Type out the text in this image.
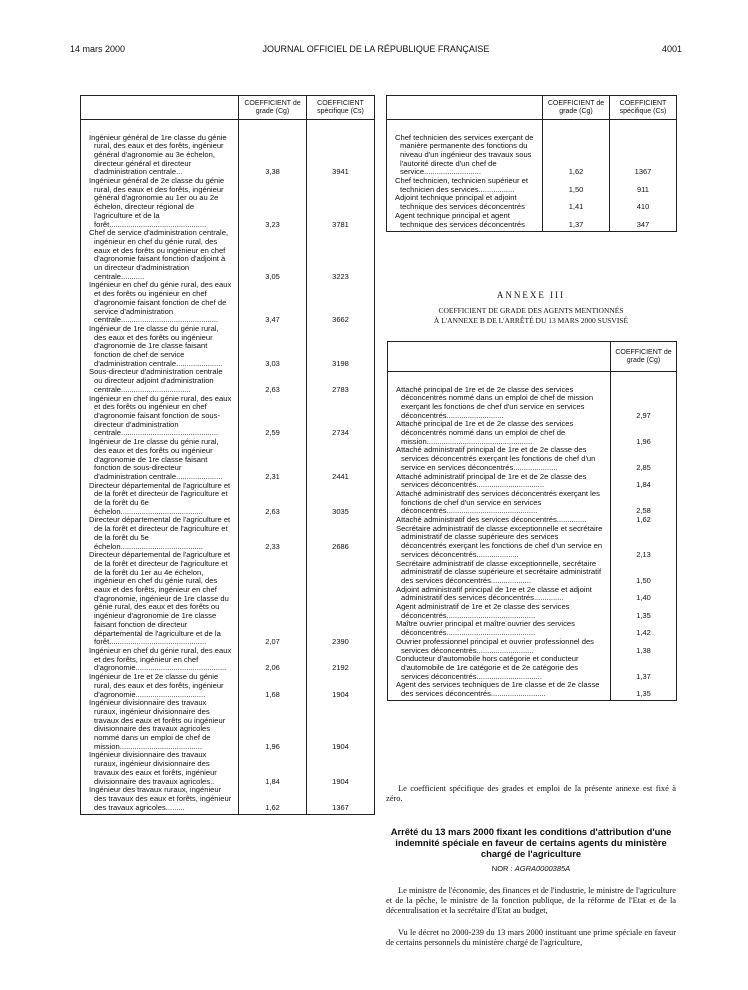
14 mars 2000	JOURNAL OFFICIEL DE LA RÉPUBLIQUE FRANÇAISE	4001
	COEFFICIENT de grade (Cg)	COEFFICIENT spécifique (Cs)

Ingénieur général de 1re classe du génie rural, des eaux et des forêts, ingénieur général d'agronomie au 3e échelon, directeur général et directeur d'administration centrale...	3,38	3941

Ingénieur général de 2e classe du génie rural, des eaux et des forêts, ingénieur général d'agronomie au 1er ou au 2e échelon, directeur régional de l'agriculture et de la forêt..............................................	3,23	3781

Chef de service d'administration centrale, ingénieur en chef du génie rural, des eaux et des forêts ou ingénieur en chef d'agronomie faisant fonction d'adjoint à un directeur d'administration centrale...........	3,05	3223

Ingénieur en chef du génie rural, des eaux et des forêts ou ingénieur en chef d'agronomie faisant fonction de chef de service d'administration centrale..............................................	3,47	3662

Ingénieur de 1re classe du génie rural, des eaux et des forêts ou ingénieur d'agronomie de 1re classe faisant fonction de chef de service d'administration centrale......................	3,03	3198

Sous-directeur d'administration centrale ou directeur adjoint d'administration centrale.................................	2,63	2783

Ingénieur en chef du génie rural, des eaux et des forêts ou ingénieur en chef d'agronomie faisant fonction de sous-directeur d'administration centrale..............................................	2,59	2734

Ingénieur de 1re classe du génie rural, des eaux et des forêts ou ingénieur d'agronomie de 1re classe faisant fonction de sous-directeur d'administration centrale......................	2,31	2441

Directeur départemental de l'agriculture et de la forêt et directeur de l'agriculture et de la forêt du 6e échelon.......................................	2,63	3035

Directeur départemental de l'agriculture et de la forêt et directeur de l'agriculture et de la forêt du 5e échelon.......................................	2,33	2686

Directeur départemental de l'agriculture et de la forêt et directeur de l'agriculture et de la forêt du 1er au 4e échelon, ingénieur en chef du génie rural, des eaux et des forêts, ingénieur en chef d'agronomie, ingénieur de 1re classe du génie rural, des eaux et des forêts ou ingénieur d'agronomie de 1re classe faisant fonction de directeur départemental de l'agriculture et de la forêt..............................................	2,07	2390

Ingénieur en chef du génie rural, des eaux et des forêts, ingénieur en chef d'agronomie...........................................	2,06	2192

Ingénieur de 1re et 2e classe du génie rural, des eaux et des forêts, ingénieur d'agronomie.................................	1,68	1904

Ingénieur divisionnaire des travaux ruraux, ingénieur divisionnaire des travaux des eaux et forêts ou ingénieur divisionnaire des travaux agricoles nommé dans un emploi de chef de mission.......................................	1,96	1904

Ingénieur divisionnaire des travaux ruraux, ingénieur divisionnaire des travaux des eaux et forêts, ingénieur divisionnaire des travaux agricoles..	1,84	1904

Ingénieur des travaux ruraux, ingénieur des travaux des eaux et forêts, ingénieur des travaux agricoles.........	1,62	1367

	COEFFICIENT de grade (Cg)	COEFFICIENT spécifique (Cs)

Chef technicien des services exerçant de manière permanente des fonctions du niveau d'un ingénieur des travaux sous l'autorité directe d'un chef de service...........................	1,62	1367

Chef technicien, technicien supérieur et technicien des services.................	1,50	911

Adjoint technique principal et adjoint technique des services déconcentrés	1,41	410

Agent technique principal et agent technique des services déconcentrés	1,37	347

ANNEXE III
COEFFICIENT DE GRADE DES AGENTS MENTIONNÉS
À L'ANNEXE B DE L'ARRÊTÉ DU 13 MARS 2000 SUSVISÉ
	COEFFICIENT de grade (Cg)

Attaché principal de 1re et de 2e classe des services déconcentrés nommé dans un emploi de chef de mission exerçant les fonctions de chef d'un service en services déconcentrés...........................	2,97

Attaché principal de 1re et de 2e classe des services déconcentrés nommé dans un emploi de chef de mission..................................................	1,96

Attaché administratif principal de 1re et de 2e classe des services déconcentrés exerçant les fonctions de chef d'un service en services déconcentrés.....................	2,85

Attaché administratif principal de 1re et de 2e classe des services déconcentrés................................	1,84

Attaché administratif des services déconcentrés exerçant les fonctions de chef d'un service en services déconcentrés...........................................	2,58

Attaché administratif des services déconcentrés..............	1,62

Secrétaire administratif de classe exceptionnelle et secrétaire administratif de classe supérieure des services déconcentrés exerçant les fonctions de chef d'un service en services déconcentrés....................	2,13

Secrétaire administratif de classe exceptionnelle, secrétaire administratif de classe supérieure et secrétaire administratif des services déconcentrés...................	1,50

Adjoint administratif principal de 1re et 2e classe et adjoint administratif des services déconcentrés..............	1,40

Agent administratif de 1re et 2e classe des services déconcentrés..........................................	1,35

Maître ouvrier principal et maître ouvrier des services déconcentrés..........................................	1,42

Ouvrier professionnel principal et ouvrier professionnel des services déconcentrés...........................	1,38

Conducteur d'automobile hors catégorie et conducteur d'automobile de 1re catégorie et de 2e catégorie des services déconcentrés...............................	1,37

Agent des services techniques de 1re classe et de 2e classe des services déconcentrés..........................	1,35

Le coefficient spécifique des grades et emploi de la présente annexe est fixé à zéro.

Arrêté du 13 mars 2000 fixant les conditions d'attribution d'une indemnité spéciale en faveur de certains agents du ministère chargé de l'agriculture

NOR : AGRA0000385A

Le ministre de l'économie, des finances et de l'industrie, le ministre de l'agriculture et de la pêche, le ministre de la fonction publique, de la réforme de l'Etat et de la décentralisation et la secrétaire d'Etat au budget,

Vu le décret no 2000-239 du 13 mars 2000 instituant une prime spéciale en faveur de certains personnels du ministère chargé de l'agriculture,
